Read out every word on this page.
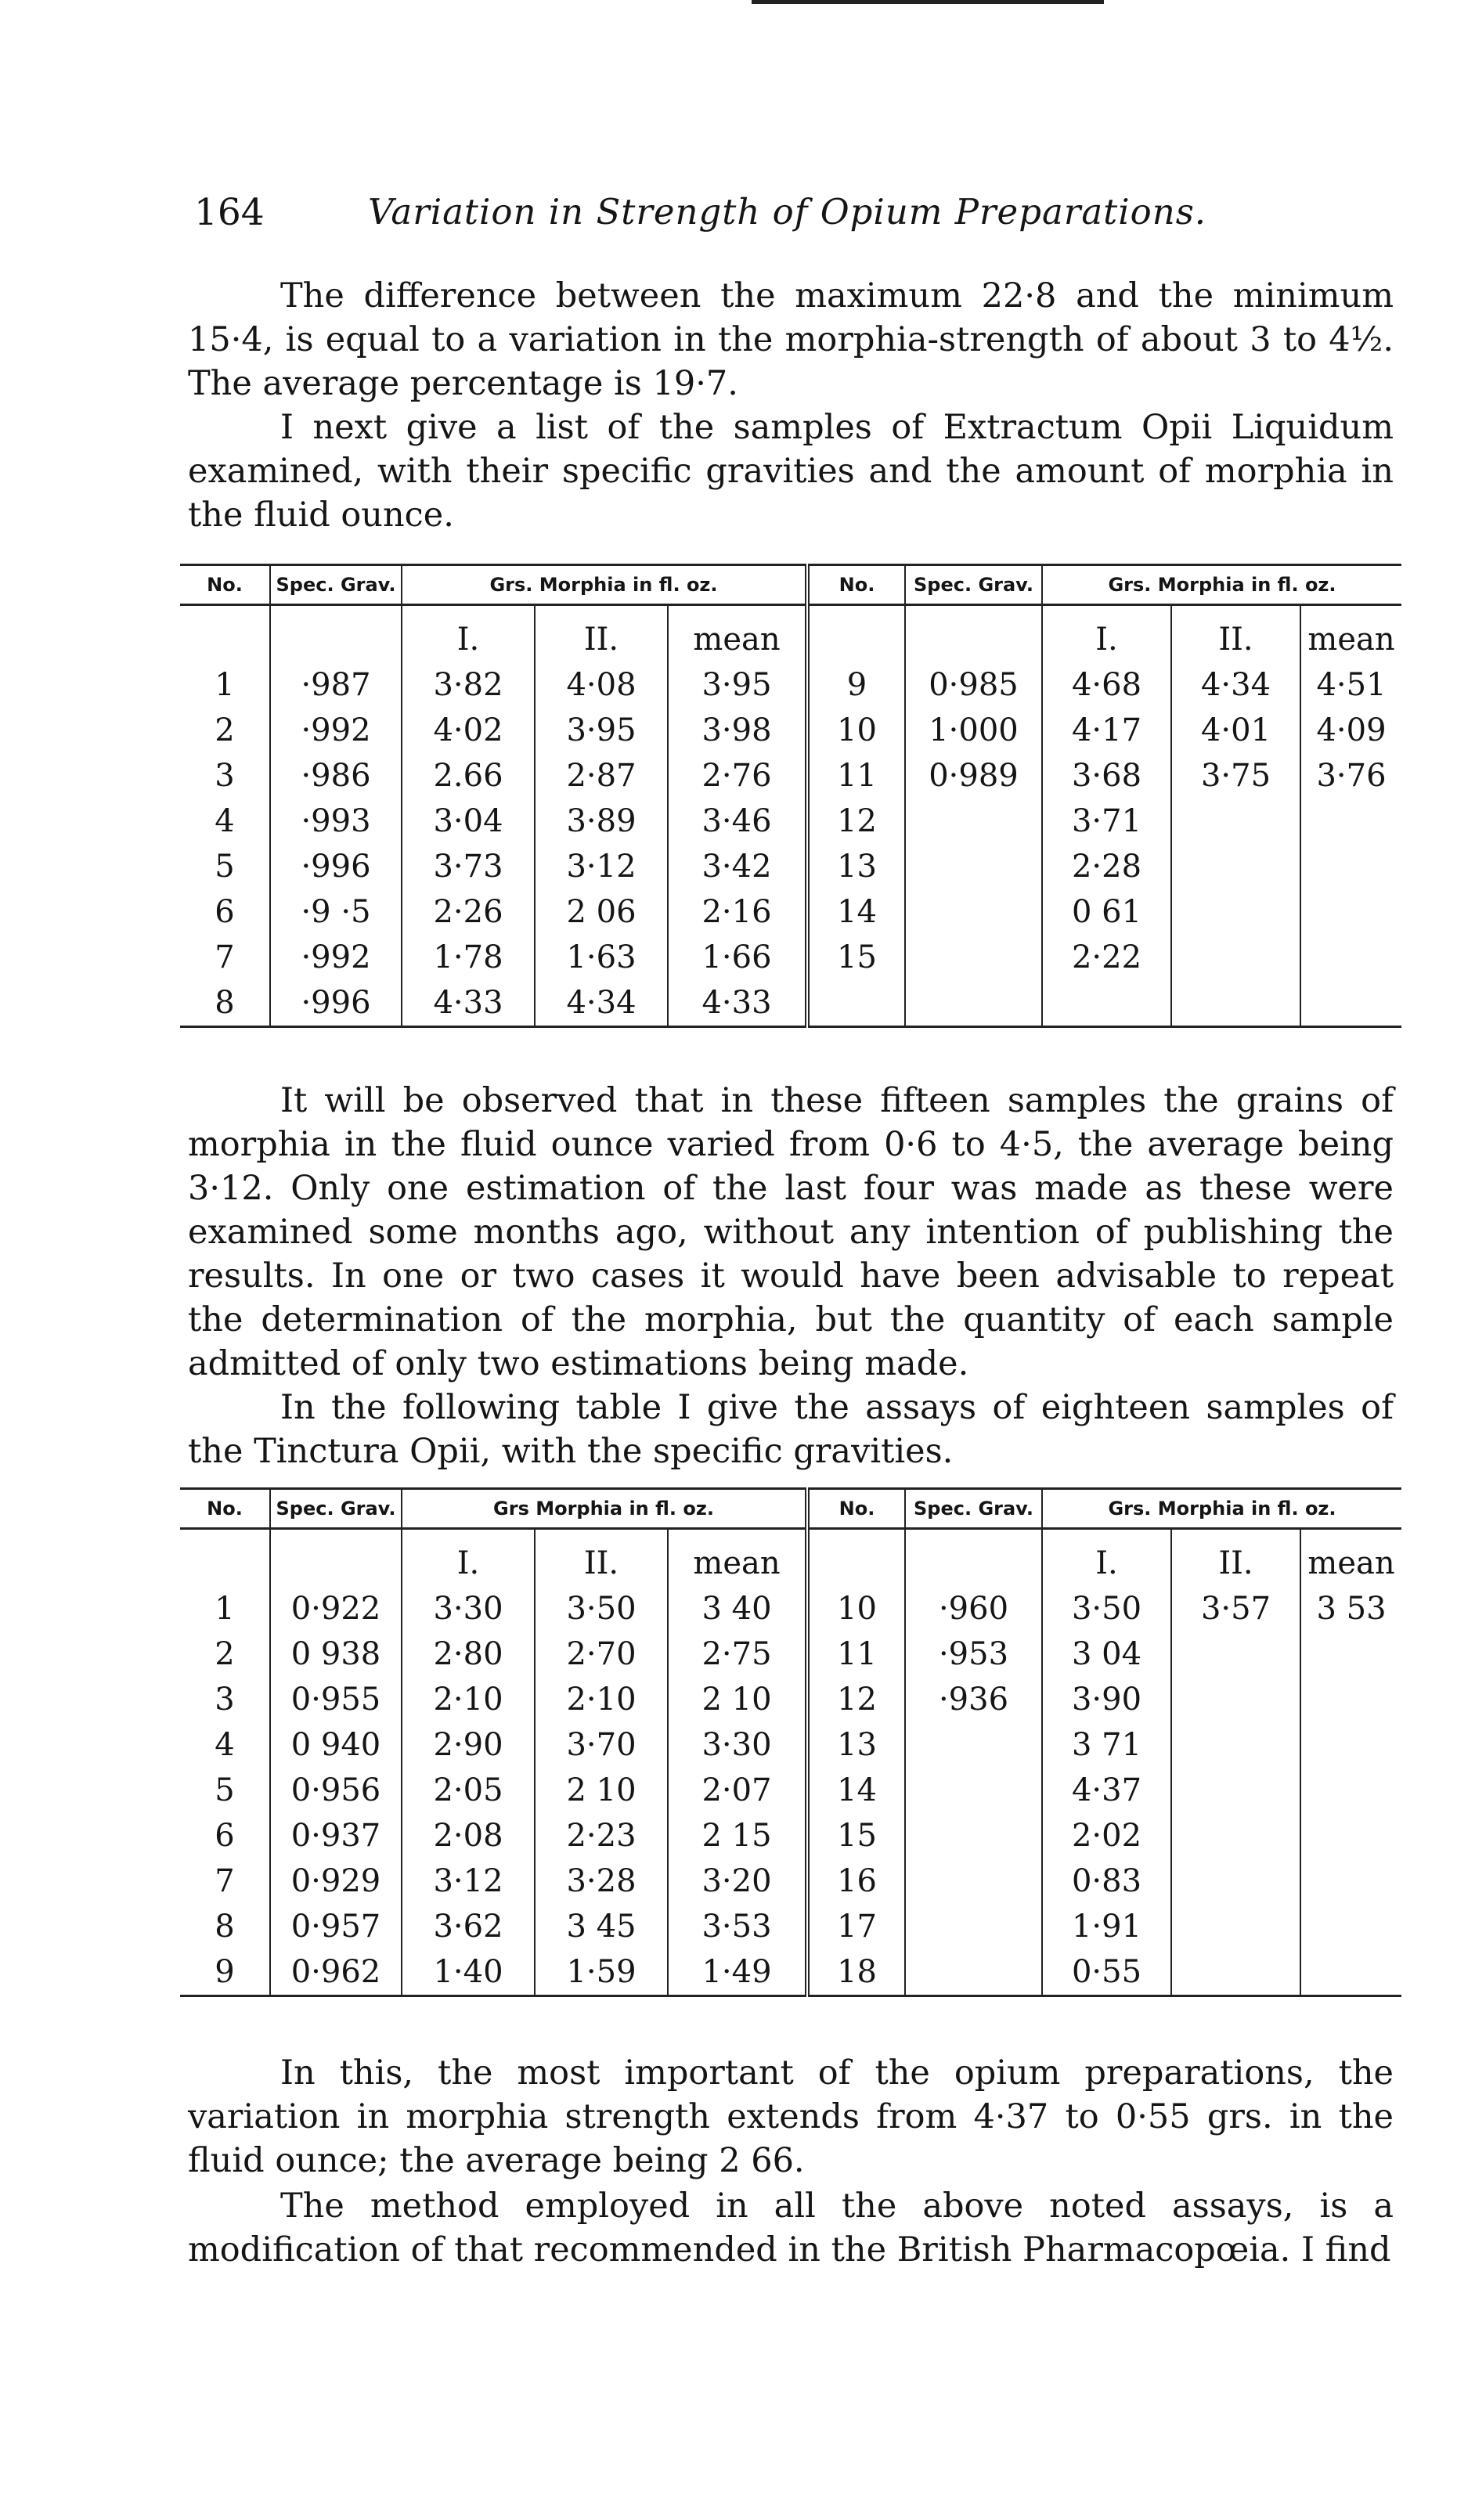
164	Variation in Strength of Opium Preparations.

The difference between the maximum 22·8 and the minimum 15·4, is equal to a variation in the morphia-strength of about 3 to 4½. The average percentage is 19·7.

I next give a list of the samples of Extractum Opii Liquidum examined, with their specific gravities and the amount of morphia in the fluid ounce.

No.	Spec. Grav.	Grs. Morphia in fl. oz.			No.	Spec. Grav.	Grs. Morphia in fl. oz.		
		I.	II.	mean			I.	II.	mean
1	·987	3·82	4·08	3·95	9	0·985	4·68	4·34	4·51
2	·992	4·02	3·95	3·98	10	1·000	4·17	4·01	4·09
3	·986	2.66	2·87	2·76	11	0·989	3·68	3·75	3·76
4	·993	3·04	3·89	3·46	12		3·71		
5	·996	3·73	3·12	3·42	13		2·28		
6	·9 ·5	2·26	2 06	2·16	14		0 61		
7	·992	1·78	1·63	1·66	15		2·22		
8	·996	4·33	4·34	4·33					

It will be observed that in these fifteen samples the grains of morphia in the fluid ounce varied from 0·6 to 4·5, the average being 3·12. Only one estimation of the last four was made as these were examined some months ago, without any intention of publishing the results. In one or two cases it would have been advisable to repeat the determination of the morphia, but the quantity of each sample admitted of only two estimations being made.

In the following table I give the assays of eighteen samples of the Tinctura Opii, with the specific gravities.

No.	Spec. Grav.	Grs Morphia in fl. oz.			No.	Spec. Grav.	Grs. Morphia in fl. oz.		
		I.	II.	mean			I.	II.	mean
1	0·922	3·30	3·50	3 40	10	·960	3·50	3·57	3 53
2	0 938	2·80	2·70	2·75	11	·953	3 04		
3	0·955	2·10	2·10	2 10	12	·936	3·90		
4	0 940	2·90	3·70	3·30	13		3 71		
5	0·956	2·05	2 10	2·07	14		4·37		
6	0·937	2·08	2·23	2 15	15		2·02		
7	0·929	3·12	3·28	3·20	16		0·83		
8	0·957	3·62	3 45	3·53	17		1·91		
9	0·962	1·40	1·59	1·49	18		0·55		

In this, the most important of the opium preparations, the variation in morphia strength extends from 4·37 to 0·55 grs. in the fluid ounce; the average being 2 66.

The method employed in all the above noted assays, is a modification of that recommended in the British Pharmacopœia. I find
